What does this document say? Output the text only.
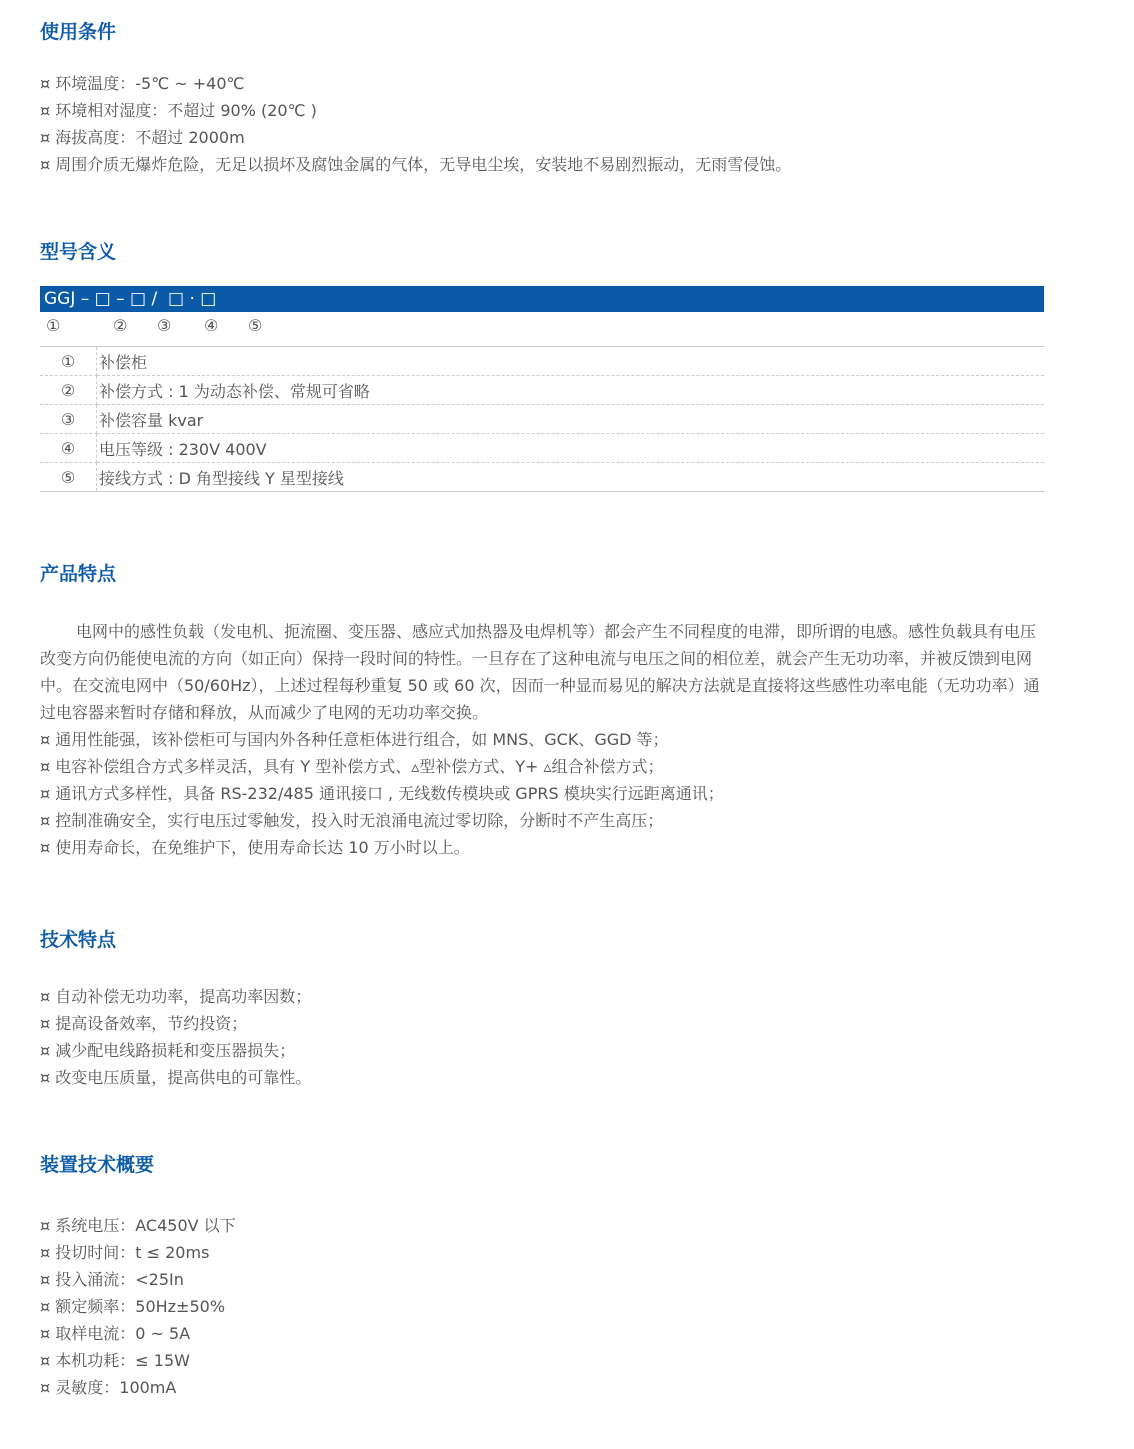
使用条件
¤ 环境温度：-5℃ ~ +40℃
¤ 环境相对湿度：不超过 90% (20℃ )
¤ 海拔高度：不超过 2000m
¤ 周围介质无爆炸危险，无足以损坏及腐蚀金属的气体，无导电尘埃，安装地不易剧烈振动，无雨雪侵蚀。
型号含义
GGJ – □ – □ /  □ · □
①	② ③ ④ ⑤
①	补偿柜
②	补偿方式 : 1 为动态补偿、常规可省略
③	补偿容量 kvar
④	电压等级 : 230V 400V
⑤	接线方式 : D 角型接线 Y 星型接线
产品特点

电网中的感性负载（发电机、扼流圈、变压器、感应式加热器及电焊机等）都会产生不同程度的电滞，即所谓的电感。感性负载具有电压改变方向仍能使电流的方向（如正向）保持一段时间的特性。一旦存在了这种电流与电压之间的相位差，就会产生无功功率，并被反馈到电网中。在交流电网中（50/60Hz），上述过程每秒重复 50 或 60 次，因而一种显而易见的解决方法就是直接将这些感性功率电能（无功功率）通过电容器来暂时存储和释放，从而减少了电网的无功功率交换。

¤ 通用性能强，该补偿柜可与国内外各种任意柜体进行组合，如 MNS、GCK、GGD 等；
¤ 电容补偿组合方式多样灵活，具有 Y 型补偿方式、▵型补偿方式、Y+ ▵组合补偿方式；
¤ 通讯方式多样性，具备 RS-232/485 通讯接口 , 无线数传模块或 GPRS 模块实行远距离通讯；
¤ 控制准确安全，实行电压过零触发，投入时无浪涌电流过零切除，分断时不产生高压；
¤ 使用寿命长，在免维护下，使用寿命长达 10 万小时以上。
技术特点
¤ 自动补偿无功功率，提高功率因数；
¤ 提高设备效率，节约投资；
¤ 减少配电线路损耗和变压器损失；
¤ 改变电压质量，提高供电的可靠性。
装置技术概要
¤ 系统电压：AC450V 以下
¤ 投切时间：t ≤ 20ms
¤ 投入涌流：<25In
¤ 额定频率：50Hz±50%
¤ 取样电流：0 ~ 5A
¤ 本机功耗：≤ 15W
¤ 灵敏度：100mA
